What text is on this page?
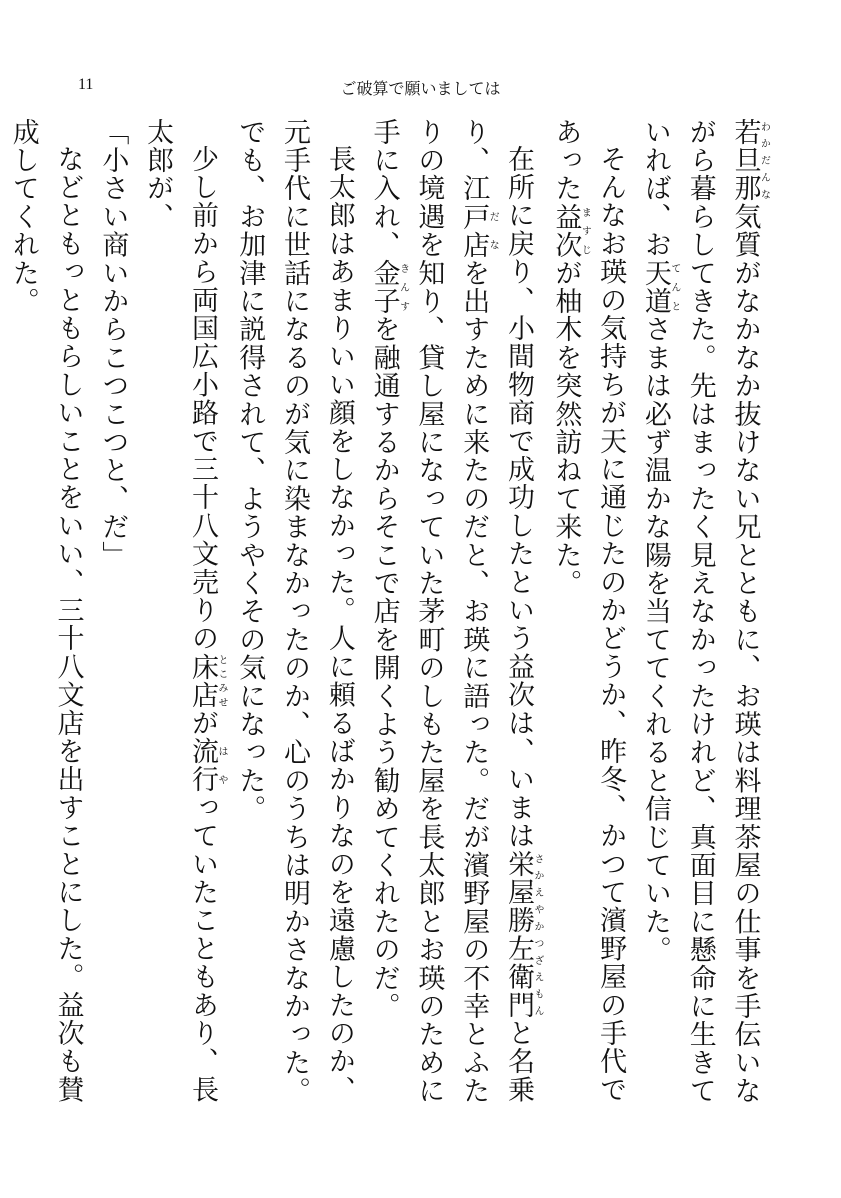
11	ご破算で願いましては

若旦那わかだんな気質がなかなか抜けない兄とともに、お瑛は料理茶屋の仕事を手伝いながら暮らしてきた。先はまったく見えなかったけれど、真面目に懸命に生きていれば、お天道てんとさまは必ず温かな陽を当ててくれると信じていた。

そんなお瑛の気持ちが天に通じたのかどうか、昨冬、かつて濱野屋の手代であった益次ますじが柚木を突然訪ねて来た。

在所に戻り、小間物商で成功したという益次は、いまは栄屋勝左衛門さかえやかつざえもんと名乗り、江戸店だなを出すために来たのだと、お瑛に語った。だが濱野屋の不幸とふたりの境遇を知り、貸し屋になっていた茅町のしもた屋を長太郎とお瑛のために手に入れ、金子きんすを融通するからそこで店を開くよう勧めてくれたのだ。

長太郎はあまりいい顔をしなかった。人に頼るばかりなのを遠慮したのか、元手代に世話になるのが気に染まなかったのか、心のうちは明かさなかった。でも、お加津に説得されて、ようやくその気になった。

少し前から両国広小路で三十八文売りの床店とこみせが流行はやっていたこともあり、長太郎が、

「小さい商いからこつこつと、だ」

などともっともらしいことをいい、三十八文店を出すことにした。益次も賛成してくれた。
